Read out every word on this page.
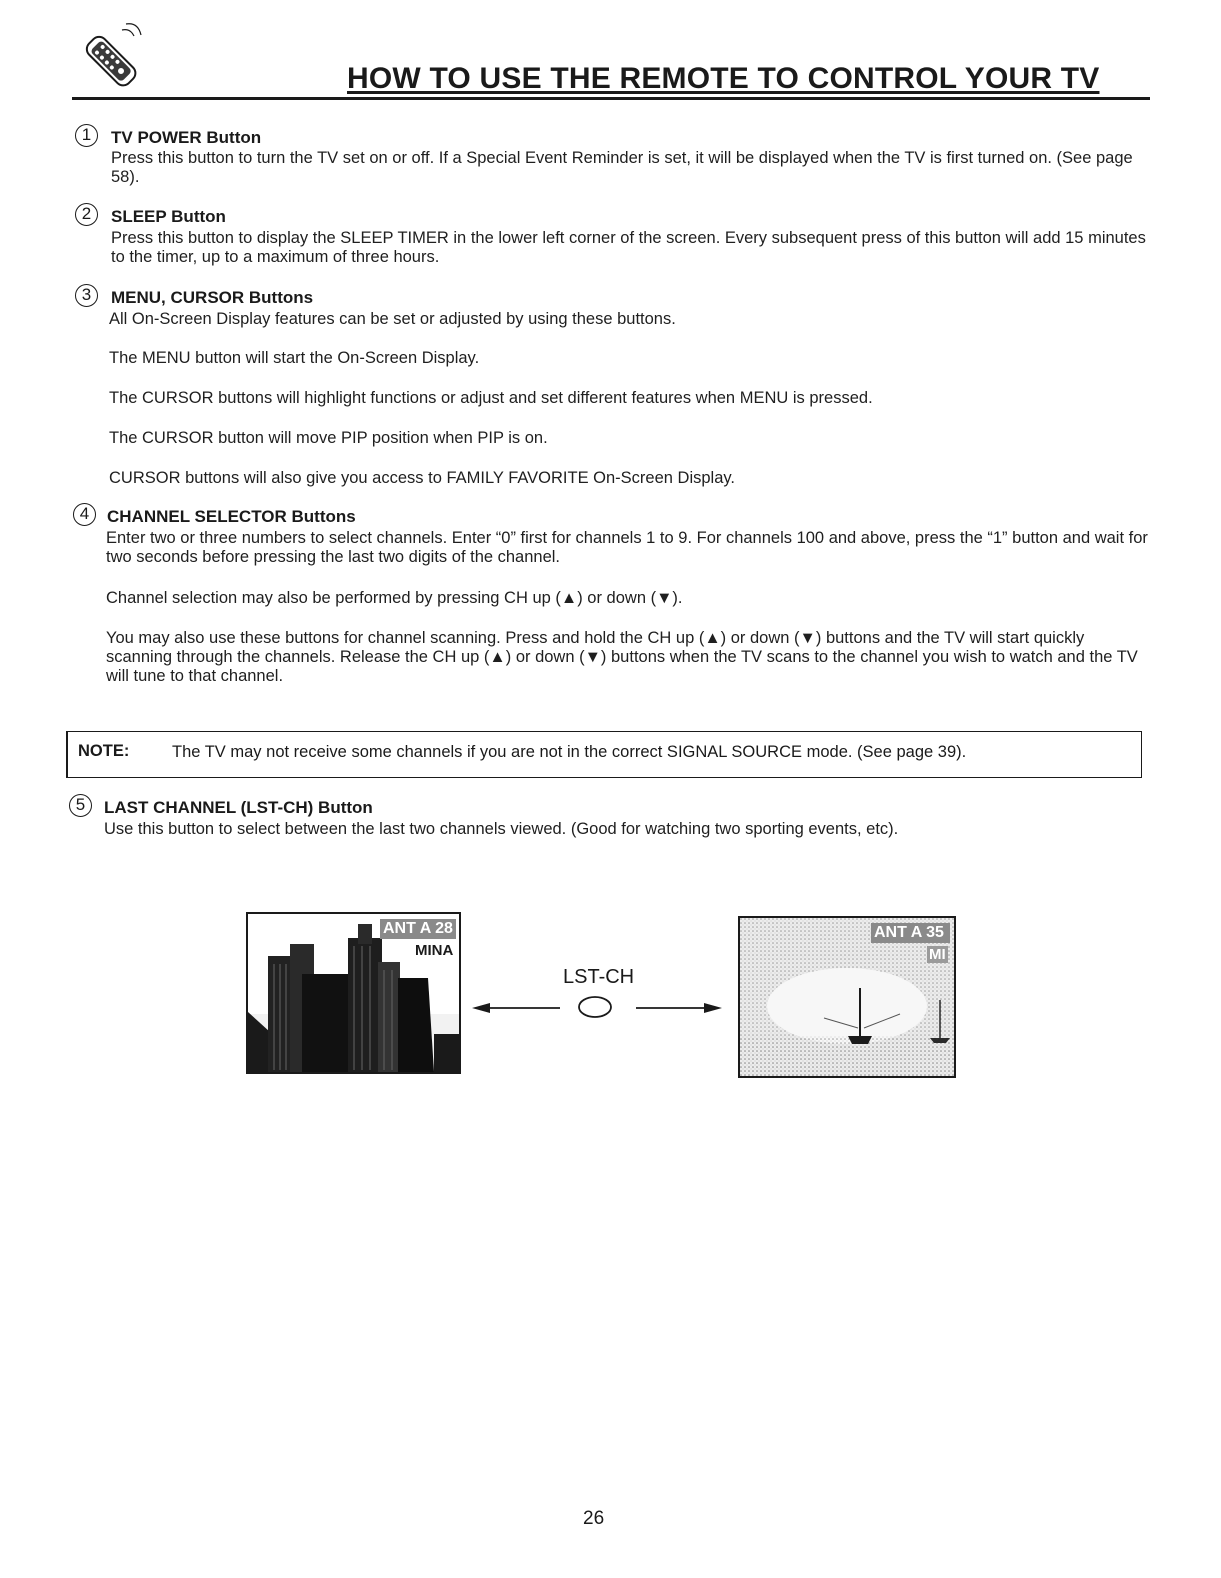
HOW TO USE THE REMOTE TO CONTROL YOUR TV
1	TV POWER Button

Press this button to turn the TV set on or off. If a Special Event Reminder is set, it will be displayed when the TV is first turned on. (See page 58).

2	SLEEP Button

Press this button to display the SLEEP TIMER in the lower left corner of the screen. Every subsequent press of this button will add 15 minutes to the timer, up to a maximum of three hours.

3	MENU, CURSOR Buttons

All On-Screen Display features can be set or adjusted by using these buttons.

The MENU button will start the On-Screen Display.

The CURSOR buttons will highlight functions or adjust and set different features when MENU is pressed.

The CURSOR button will move PIP position when PIP is on.

CURSOR buttons will also give you access to FAMILY FAVORITE On-Screen Display.

4	CHANNEL SELECTOR Buttons

Enter two or three numbers to select channels. Enter “0” first for channels 1 to 9. For channels 100 and above, press the “1” button and wait for two seconds before pressing the last two digits of the channel.

Channel selection may also be performed by pressing CH up (▲) or down (▼).

You may also use these buttons for channel scanning. Press and hold the CH up (▲) or down (▼) buttons and the TV will start quickly scanning through the channels. Release the CH up (▲) or down (▼) buttons when the TV scans to the channel you wish to watch and the TV will tune to that channel.

NOTE:	The TV may not receive some channels if you are not in the correct SIGNAL SOURCE mode. (See page 39).
5	LAST CHANNEL (LST-CH) Button

Use this button to select between the last two channels viewed. (Good for watching two sporting events, etc).

ANT A 28
MINA
LST-CH
ANT A 35
MI
26
